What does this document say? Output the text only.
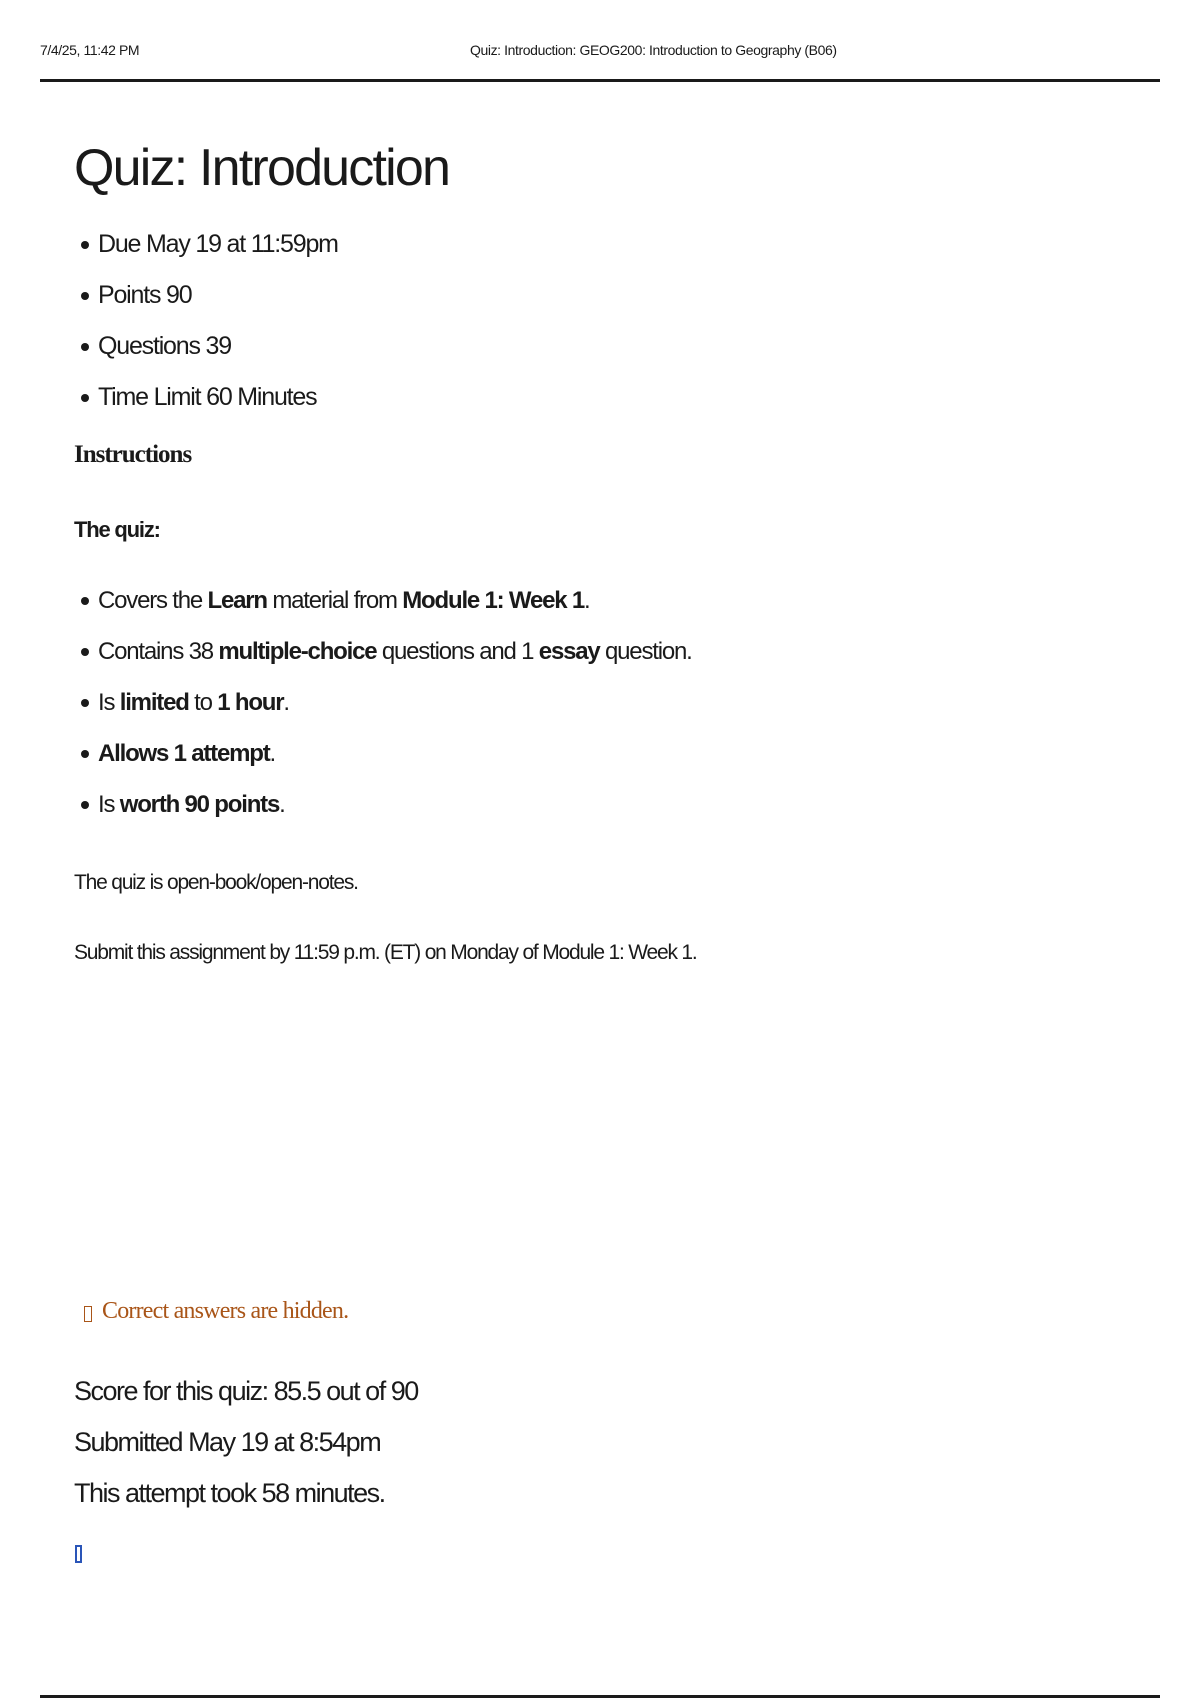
7/4/25, 11:42 PM	Quiz: Introduction: GEOG200: Introduction to Geography (B06)
Quiz: Introduction
Due May 19 at 11:59pm
Points 90
Questions 39
Time Limit 60 Minutes
Instructions

The quiz:

Covers the Learn material from Module 1: Week 1.
Contains 38 multiple-choice questions and 1 essay question.
Is limited to 1 hour.
Allows 1 attempt.
Is worth 90 points.

The quiz is open-book/open-notes.

Submit this assignment by 11:59 p.m. (ET) on Monday of Module 1: Week 1.

Correct answers are hidden.
Score for this quiz: 85.5 out of 90
Submitted May 19 at 8:54pm
This attempt took 58 minutes.
